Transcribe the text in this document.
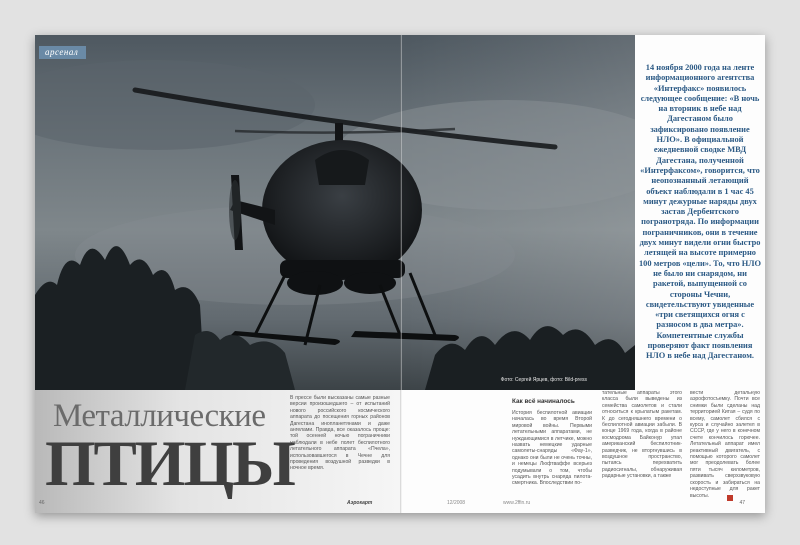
арсенал
Фото: Сергей Ярцев, фото: Bild-press
14 ноября 2000 года на ленте информационного агентства «Интерфакс» появилось следующее сообщение: «В ночь на вторник в небе над Дагестаном было зафиксировано появление НЛО». В официальной ежедневной сводке МВД Дагестана, полученной «Интерфаксом», говорится, что неопознанный летающий объект наблюдали в 1 час 45 минут дежурные наряды двух застав Дербентского погранотряда. По информации пограничников, они в течение двух минут видели огни быстро летящей на высоте примерно 100 метров «цели». То, что НЛО не было ни снарядом, ни ракетой, выпущенной со стороны Чечни, свидетельствуют увиденные «три светящихся огня с разносом в два метра». Компетентные службы проверяют факт появления НЛО в небе над Дагестаном.
Металлические
ПТИЦЫ
В прессе были высказаны самые разные версии произошедшего – от испытаний нового российского космического аппарата до посещения горных районов Дагестана инопланетянами и даже ангелами. Правда, все оказалось проще: той осенней ночью пограничники наблюдали в небе полет беспилотного летательного аппарата «Пчела», использовавшегося в Чечне для проведения воздушной разведки в ночное время.
Как всё начиналось
История беспилотной авиации началась во время Второй мировой войны. Первыми летательными аппаратами, не нуждающимися в летчике, можно назвать немецкие ударные самолеты-снаряды «Фау-1», однако они были не очень точны, и немецы Люфтваффе всерьез подумывали о том, чтобы усадить внутрь снаряда пилота-смертника. Впоследствии по-
тательные аппараты этого класса были выведены из семейства самолетов и стали относиться к крылатым ракетам. К до сегодняшнего времени о беспилотной авиации забыли. В конце 1969 года, когда в районе космодрома Байконур упал американский беспилотник-разведчик, не вторгнувшись в воздушное пространство, пытаясь перехватить радиосигналы, обнаруживая радарные установки, а также
вести детальную аэрофотосъемку. Почти все снимки были сделаны над территорией Китая – судя по всему, самолет сбился с курса и случайно залетел в СССР, где у него в конечном счете кончилось горючее. Летательный аппарат имел реактивный двигатель, с помощью которого самолет мог преодолевать более пяти тысяч километров, развивать сверхзвуковую скорость и забираться на недоступные для ракет высоты.
46	Аэрокарт	12/2008	www.2ffin.ru	47
